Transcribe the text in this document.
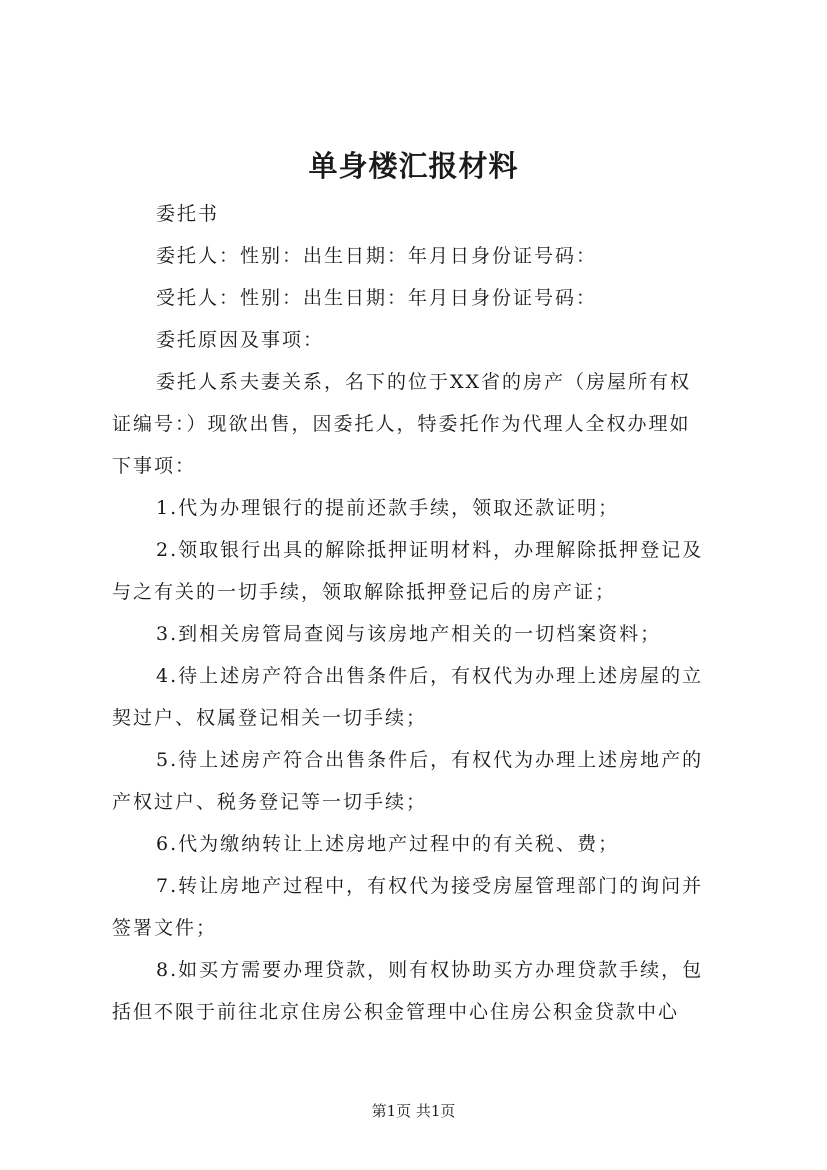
单身楼汇报材料
委托书
委托人：性别：出生日期：年月日身份证号码：
受托人：性别：出生日期：年月日身份证号码：
委托原因及事项：
委托人系夫妻关系，名下的位于XX省的房产（房屋所有权
证编号：）现欲出售，因委托人，特委托作为代理人全权办理如
下事项：
1.代为办理银行的提前还款手续，领取还款证明；
2.领取银行出具的解除抵押证明材料，办理解除抵押登记及
与之有关的一切手续，领取解除抵押登记后的房产证；
3.到相关房管局查阅与该房地产相关的一切档案资料；
4.待上述房产符合出售条件后，有权代为办理上述房屋的立
契过户、权属登记相关一切手续；
5.待上述房产符合出售条件后，有权代为办理上述房地产的
产权过户、税务登记等一切手续；
6.代为缴纳转让上述房地产过程中的有关税、费；
7.转让房地产过程中，有权代为接受房屋管理部门的询问并
签署文件；
8.如买方需要办理贷款，则有权协助买方办理贷款手续，包
括但不限于前往北京住房公积金管理中心住房公积金贷款中心
第1页 共1页
